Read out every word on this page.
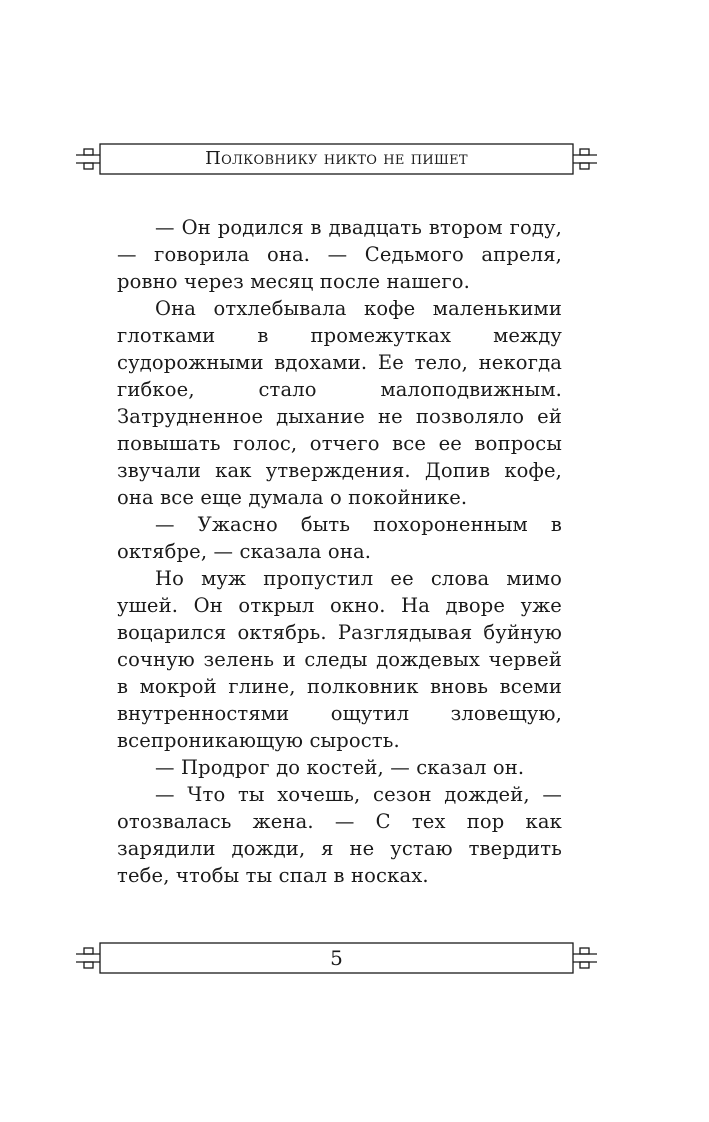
Полковнику никто не пишет

— Он родился в двадцать втором году, — говорила она. — Седьмого апреля, ровно через месяц после нашего.

Она отхлебывала кофе маленькими глотками в промежутках между судорожными вдохами. Ее тело, некогда гибкое, стало малоподвижным. Затрудненное дыхание не позволяло ей повышать голос, отчего все ее вопросы звучали как утверждения. Допив кофе, она все еще думала о покойнике.

— Ужасно быть похороненным в октябре, — сказала она.

Но муж пропустил ее слова мимо ушей. Он открыл окно. На дворе уже воцарился октябрь. Разглядывая буйную сочную зелень и следы дождевых червей в мокрой глине, полковник вновь всеми внутренностями ощутил зловещую, всепроникающую сырость.

— Продрог до костей, — сказал он.

— Что ты хочешь, сезон дождей, — отозвалась жена. — С тех пор как зарядили дожди, я не устаю твердить тебе, чтобы ты спал в носках.

5
